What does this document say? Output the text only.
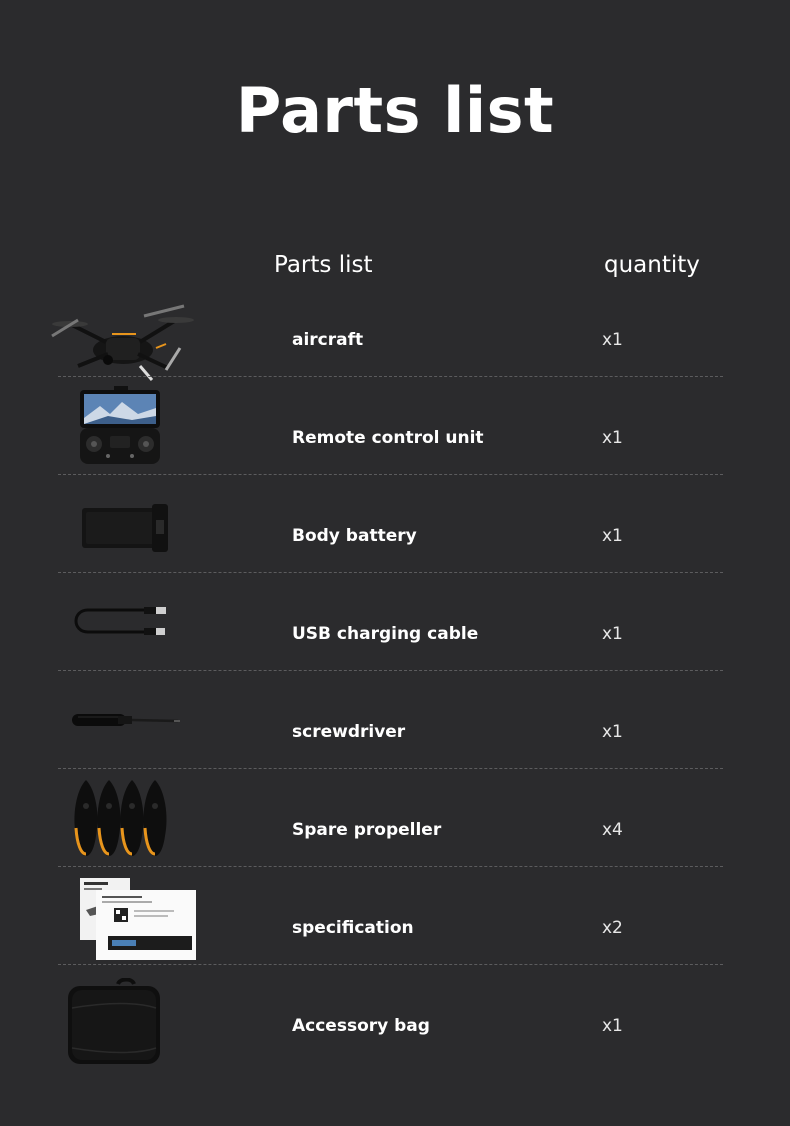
Parts list
Parts list	quantity
aircraft	x1
Remote control unit	x1
Body battery	x1
USB charging cable	x1
screwdriver	x1
Spare propeller	x4
specification	x2
Accessory bag	x1
